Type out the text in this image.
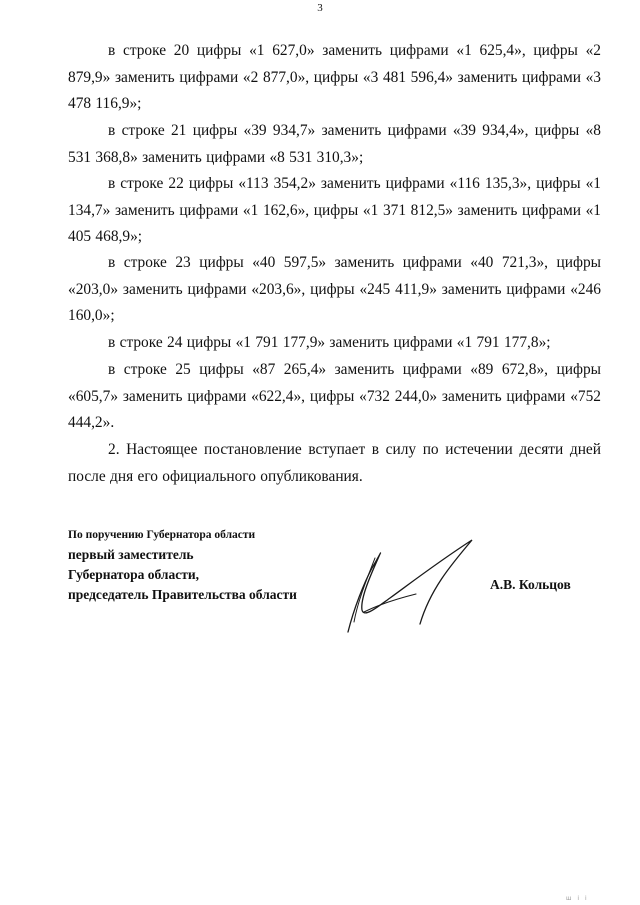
3

в строке 20 цифры «1 627,0» заменить цифрами «1 625,4», цифры «2 879,9» заменить цифрами «2 877,0», цифры «3 481 596,4» заменить цифрами «3 478 116,9»;

в строке 21 цифры «39 934,7» заменить цифрами «39 934,4», цифры «8 531 368,8» заменить цифрами «8 531 310,3»;

в строке 22 цифры «113 354,2» заменить цифрами «116 135,3», цифры «1 134,7» заменить цифрами «1 162,6», цифры «1 371 812,5» заменить цифрами «1 405 468,9»;

в строке 23 цифры «40 597,5» заменить цифрами «40 721,3», цифры «203,0» заменить цифрами «203,6», цифры «245 411,9» заменить цифрами «246 160,0»;

в строке 24 цифры «1 791 177,9» заменить цифрами «1 791 177,8»;

в строке 25 цифры «87 265,4» заменить цифрами «89 672,8», цифры «605,7» заменить цифрами «622,4», цифры «732 244,0» заменить цифрами «752 444,2».

2. Настоящее постановление вступает в силу по истечении десяти дней после дня его официального опубликования.

По поручению Губернатора области
первый заместитель
Губернатора области,
председатель Правительства области
А.В. Кольцов
ш і і
